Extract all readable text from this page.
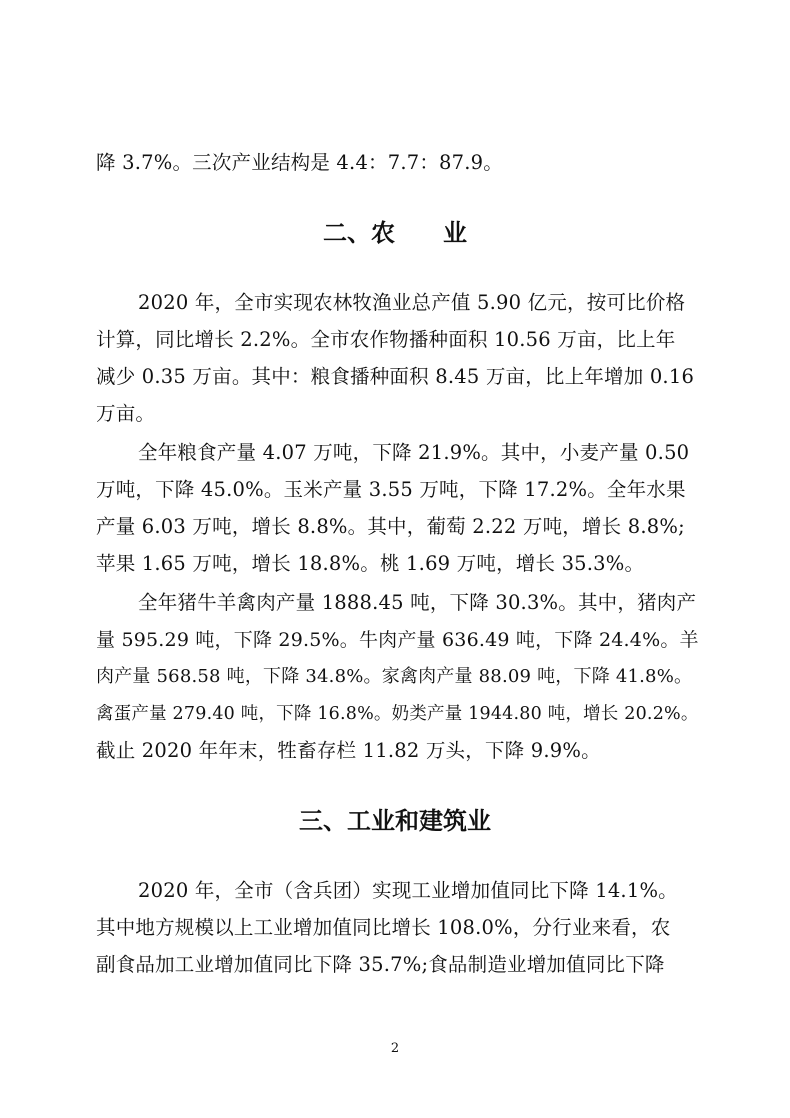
降 3.7%。三次产业结构是 4.4：7.7：87.9。
二、农　　业
2020 年，全市实现农林牧渔业总产值 5.90 亿元，按可比价格
计算，同比增长 2.2%。全市农作物播种面积 10.56 万亩，比上年
减少 0.35 万亩。其中：粮食播种面积 8.45 万亩，比上年增加 0.16
万亩。
全年粮食产量 4.07 万吨，下降 21.9%。其中，小麦产量 0.50
万吨，下降 45.0%。玉米产量 3.55 万吨，下降 17.2%。全年水果
产量 6.03 万吨，增长 8.8%。其中，葡萄 2.22 万吨，增长 8.8%;
苹果 1.65 万吨，增长 18.8%。桃 1.69 万吨，增长 35.3%。
全年猪牛羊禽肉产量 1888.45 吨，下降 30.3%。其中，猪肉产
量 595.29 吨，下降 29.5%。牛肉产量 636.49 吨，下降 24.4%。羊
肉产量 568.58 吨，下降 34.8%。家禽肉产量 88.09 吨，下降 41.8%。
禽蛋产量 279.40 吨，下降 16.8%。奶类产量 1944.80 吨，增长 20.2%。
截止 2020 年年末，牲畜存栏 11.82 万头，下降 9.9%。
三、工业和建筑业
2020 年，全市（含兵团）实现工业增加值同比下降 14.1%。
其中地方规模以上工业增加值同比增长 108.0%，分行业来看，农
副食品加工业增加值同比下降 35.7%;食品制造业增加值同比下降
2
